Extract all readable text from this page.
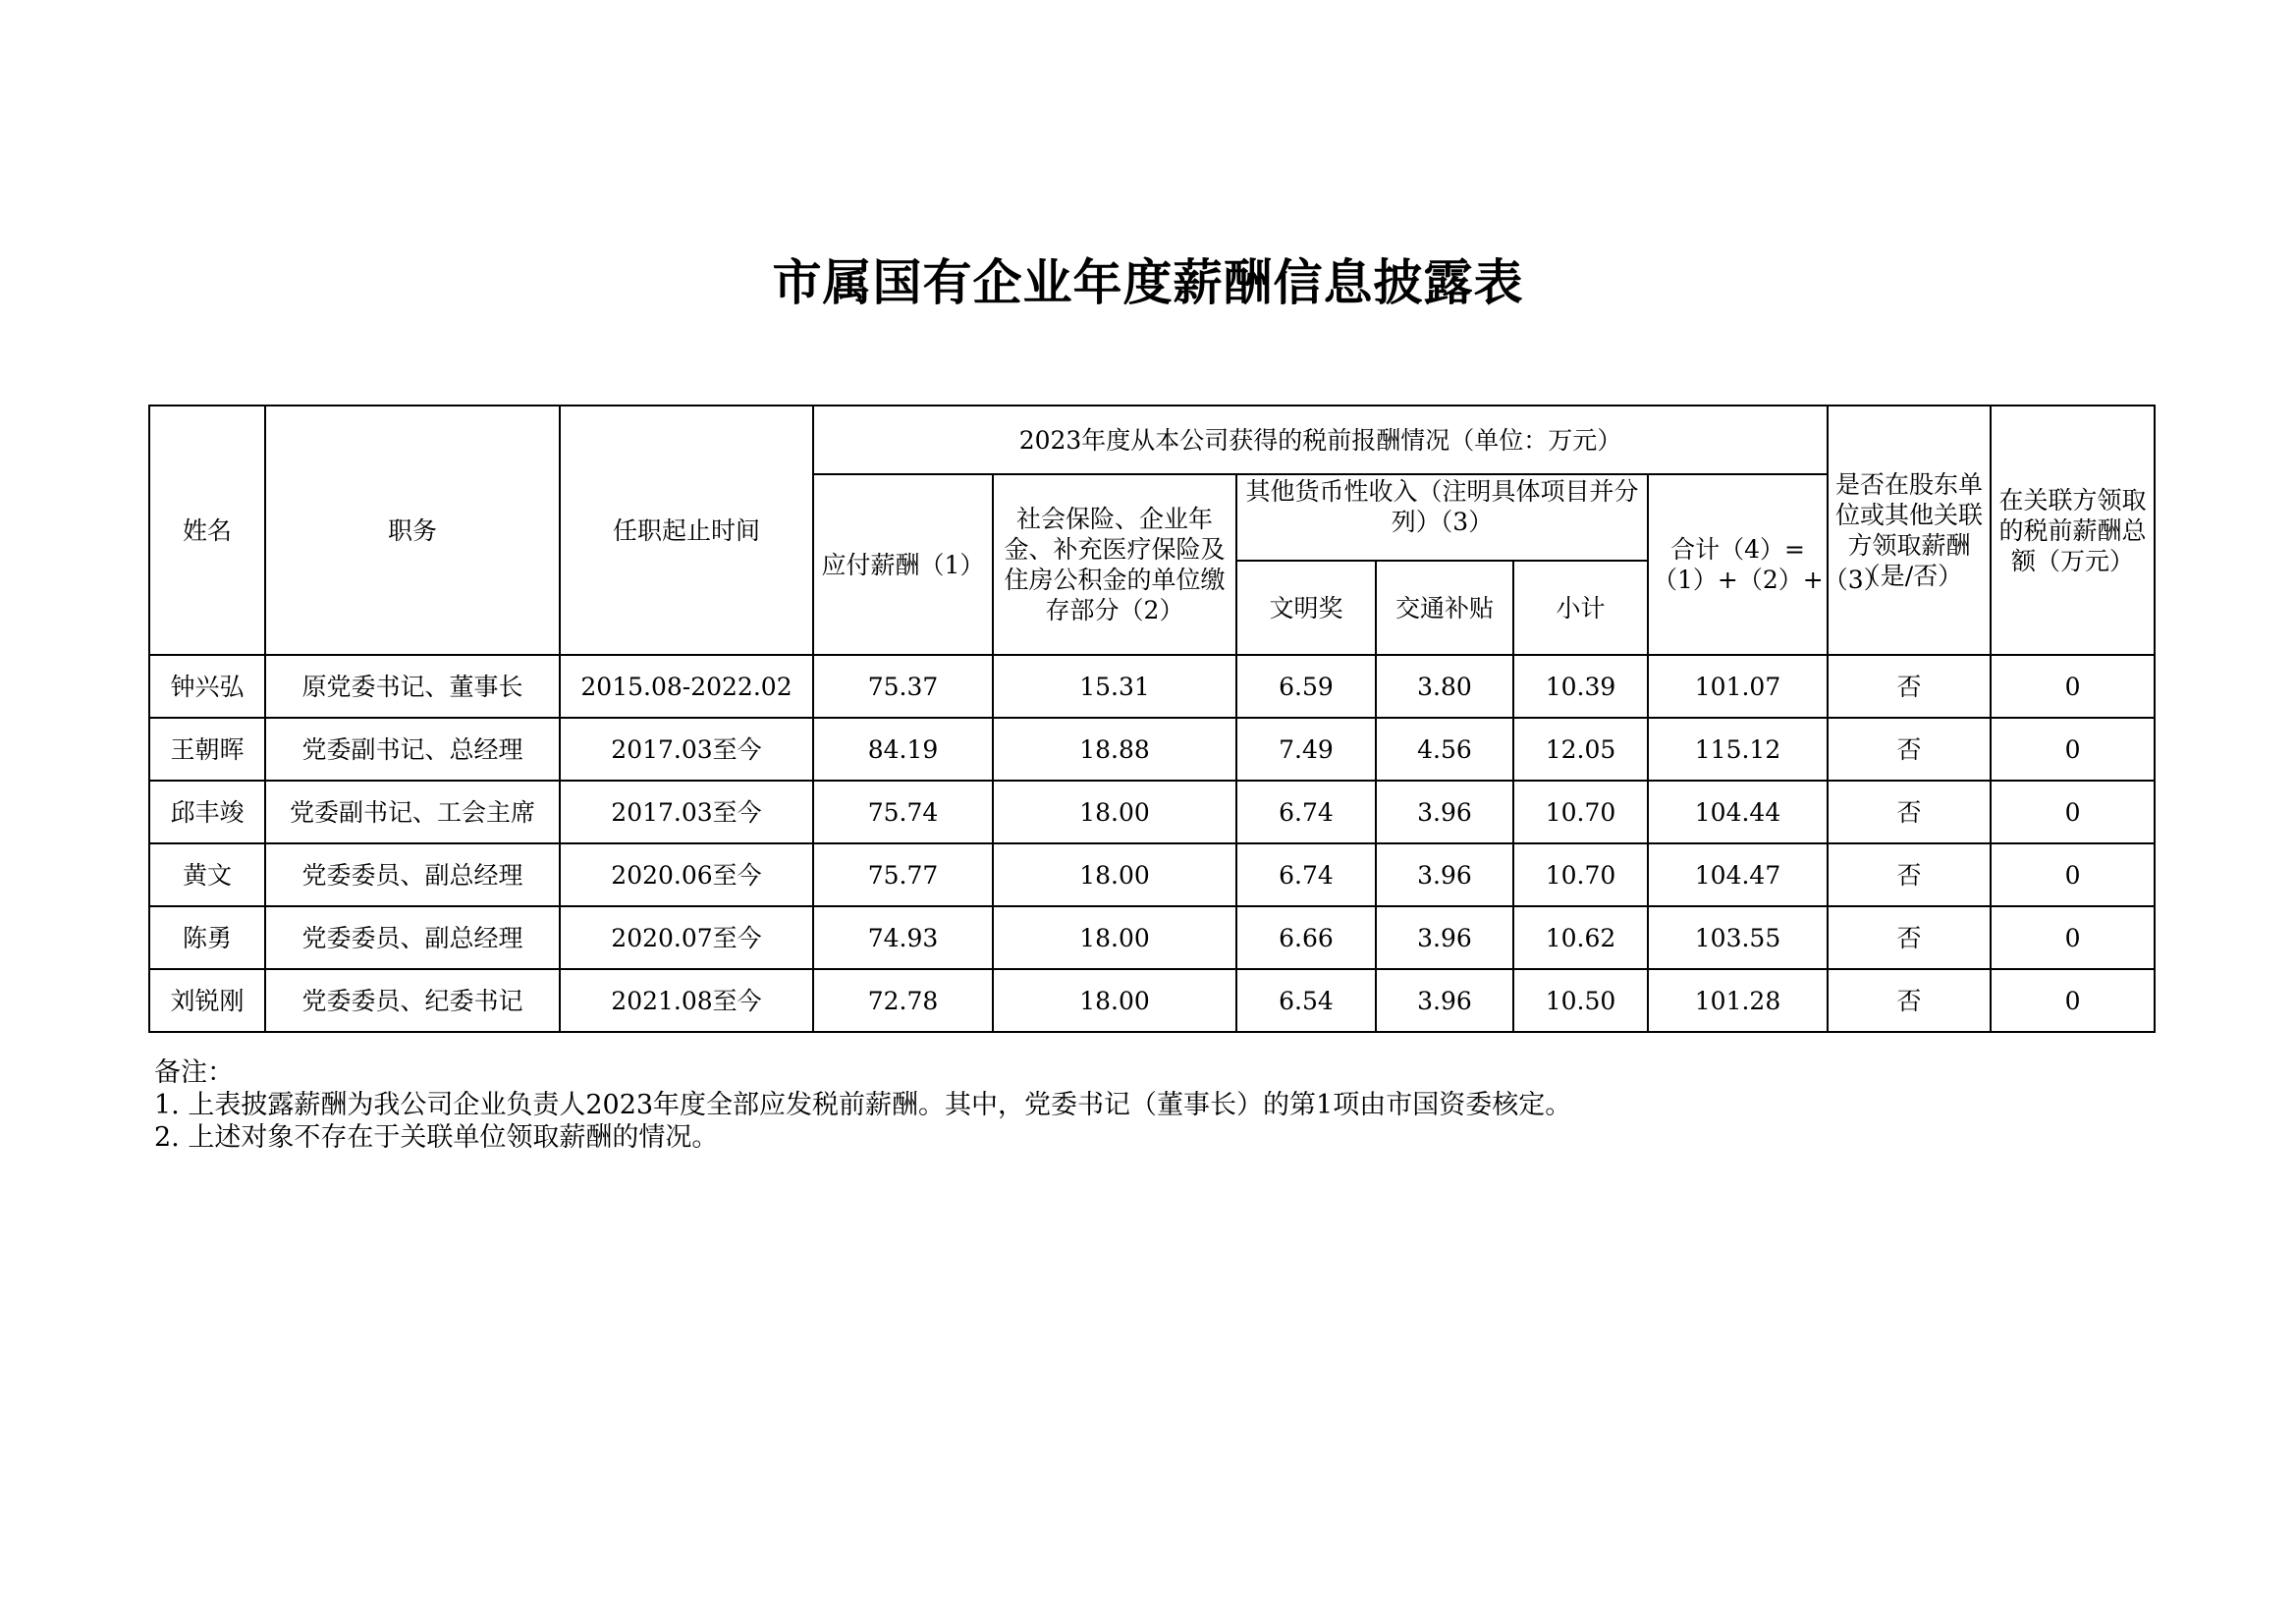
市属国有企业年度薪酬信息披露表
姓名	职务	任职起止时间	2023年度从本公司获得的税前报酬情况（单位：万元）						是否在股东单位或其他关联方领取薪酬（是/否）	在关联方领取的税前薪酬总额（万元）
			应付薪酬（1）	社会保险、企业年金、补充医疗保险及住房公积金的单位缴存部分（2）	其他货币性收入（注明具体项目并分列）（3）			合计（4）=（1）+（2）+（3）		
					文明奖	交通补贴	小计			
钟兴弘	原党委书记、董事长	2015.08-2022.02	75.37	15.31	6.59	3.80	10.39	101.07	否	0
王朝晖	党委副书记、总经理	2017.03至今	84.19	18.88	7.49	4.56	12.05	115.12	否	0
邱丰竣	党委副书记、工会主席	2017.03至今	75.74	18.00	6.74	3.96	10.70	104.44	否	0
黄文	党委委员、副总经理	2020.06至今	75.77	18.00	6.74	3.96	10.70	104.47	否	0
陈勇	党委委员、副总经理	2020.07至今	74.93	18.00	6.66	3.96	10.62	103.55	否	0
刘锐刚	党委委员、纪委书记	2021.08至今	72.78	18.00	6.54	3.96	10.50	101.28	否	0
备注：
1. 上表披露薪酬为我公司企业负责人2023年度全部应发税前薪酬。其中，党委书记（董事长）的第1项由市国资委核定。
2. 上述对象不存在于关联单位领取薪酬的情况。
